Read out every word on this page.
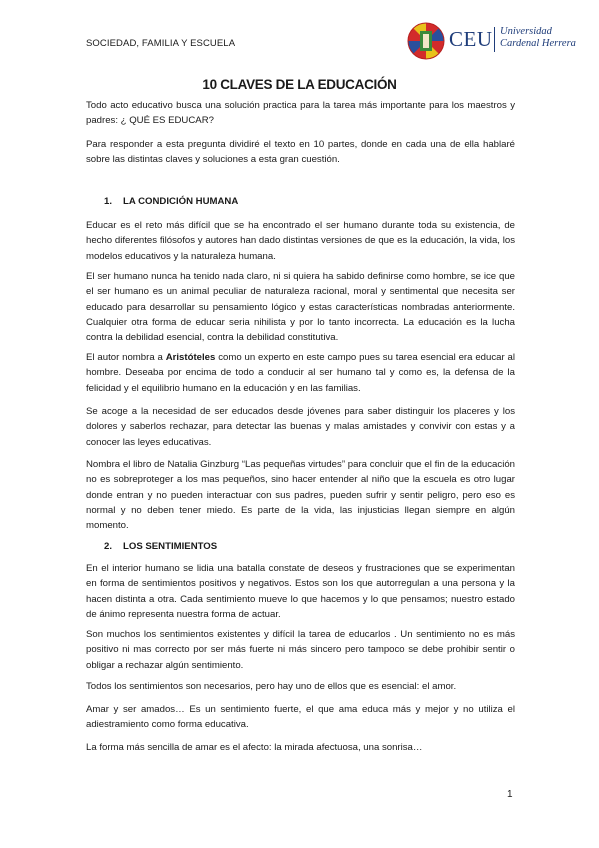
SOCIEDAD, FAMILIA Y ESCUELA	CEU Universidad
Cardenal Herrera
10 CLAVES DE LA EDUCACIÓN
Todo acto educativo busca una solución practica para la tarea más importante para los maestros y padres: ¿ QUÉ ES EDUCAR?
Para responder a esta pregunta dividiré el texto en 10 partes, donde en cada una de ella hablaré sobre las distintas claves y soluciones a esta gran cuestión.
1. LA CONDICIÓN HUMANA
Educar es el reto más difícil que se ha encontrado el ser humano durante toda su existencia, de hecho diferentes filósofos y autores han dado distintas versiones de que es la educación, la vida, los modelos educativos y la naturaleza humana.
El ser humano nunca ha tenido nada claro, ni si quiera ha sabido definirse como hombre, se ice que el ser humano es un animal peculiar de naturaleza racional, moral y sentimental que necesita ser educado para desarrollar su pensamiento lógico y estas características nombradas anteriormente. Cualquier otra forma de educar seria nihilista y por lo tanto incorrecta. La educación es la lucha contra la debilidad esencial, contra la debilidad constitutiva.
El autor nombra a Aristóteles como un experto en este campo pues su tarea esencial era educar al hombre. Deseaba por encima de todo a conducir al ser humano tal y como es, la defensa de la felicidad y el equilibrio humano en la educación y en las familias.
Se acoge a la necesidad de ser educados desde jóvenes para saber distinguir los placeres y los dolores y saberlos rechazar, para detectar las buenas y malas amistades y convivir con estas y a conocer las leyes educativas.
Nombra el libro de Natalia Ginzburg “Las pequeñas virtudes” para concluir que el fin de la educación no es sobreproteger a los mas pequeños, sino hacer entender al niño que la escuela es otro lugar donde entran y no pueden interactuar con sus padres, pueden sufrir y sentir peligro, pero eso es normal y no deben tener miedo. Es parte de la vida, las injusticias llegan siempre en algún momento.
2. LOS SENTIMIENTOS
En el interior humano se lidia una batalla constate de deseos y frustraciones que se experimentan en forma de sentimientos positivos y negativos. Estos son los que autorregulan a una persona y la hacen distinta a otra. Cada sentimiento mueve lo que hacemos y lo que pensamos; nuestro estado de ánimo representa nuestra forma de actuar.
Son muchos los sentimientos existentes y difícil la tarea de educarlos . Un sentimiento no es más positivo ni mas correcto por ser más fuerte ni más sincero pero tampoco se debe prohibir sentir o obligar a rechazar algún sentimiento.
Todos los sentimientos son necesarios, pero hay uno de ellos que es esencial: el amor.
Amar y ser amados… Es un sentimiento fuerte, el que ama educa más y mejor y no utiliza el adiestramiento como forma educativa.
La forma más sencilla de amar es el afecto: la mirada afectuosa, una sonrisa…
1
